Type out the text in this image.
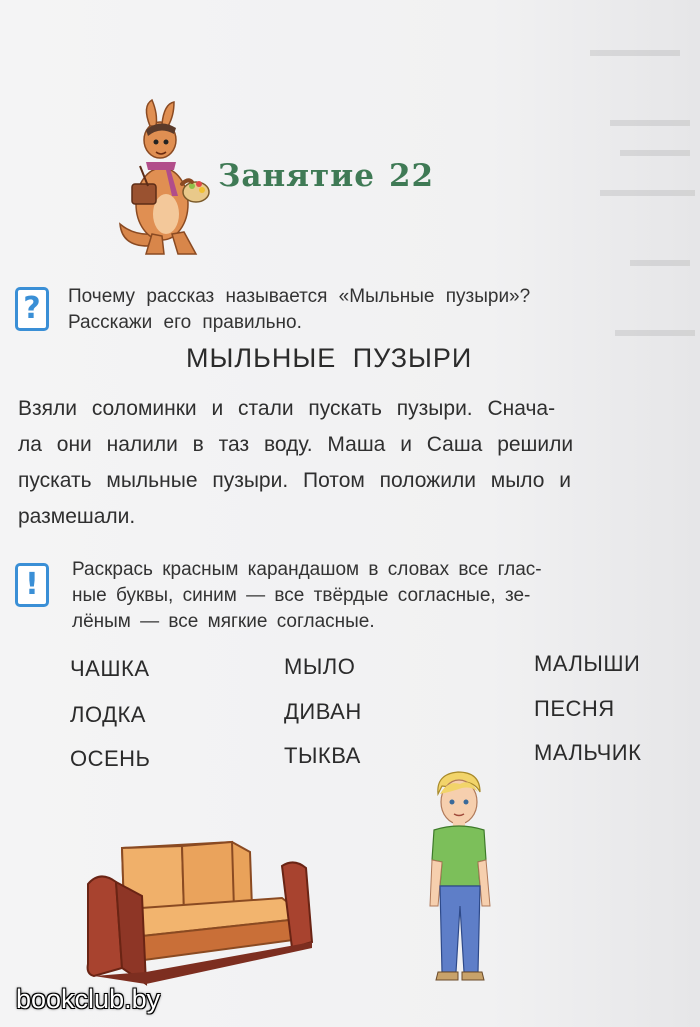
Занятие 22
?	Почему рассказ называется «Мыльные пузыри»?
Расскажи его правильно.
МЫЛЬНЫЕ ПУЗЫРИ
Взяли соломинки и стали пускать пузыри. Снача-
ла они налили в таз воду. Маша и Саша решили
пускать мыльные пузыри. Потом положили мыло и
размешали.
!	Раскрась красным карандашом в словах все глас-
ные буквы, синим — все твёрдые согласные, зе-
лёным — все мягкие согласные.
ЧАШКА
ЛОДКА
ОСЕНЬ
МЫЛО
ДИВАН
ТЫКВА
МАЛЫШИ
ПЕСНЯ
МАЛЬЧИК
bookclub.by
